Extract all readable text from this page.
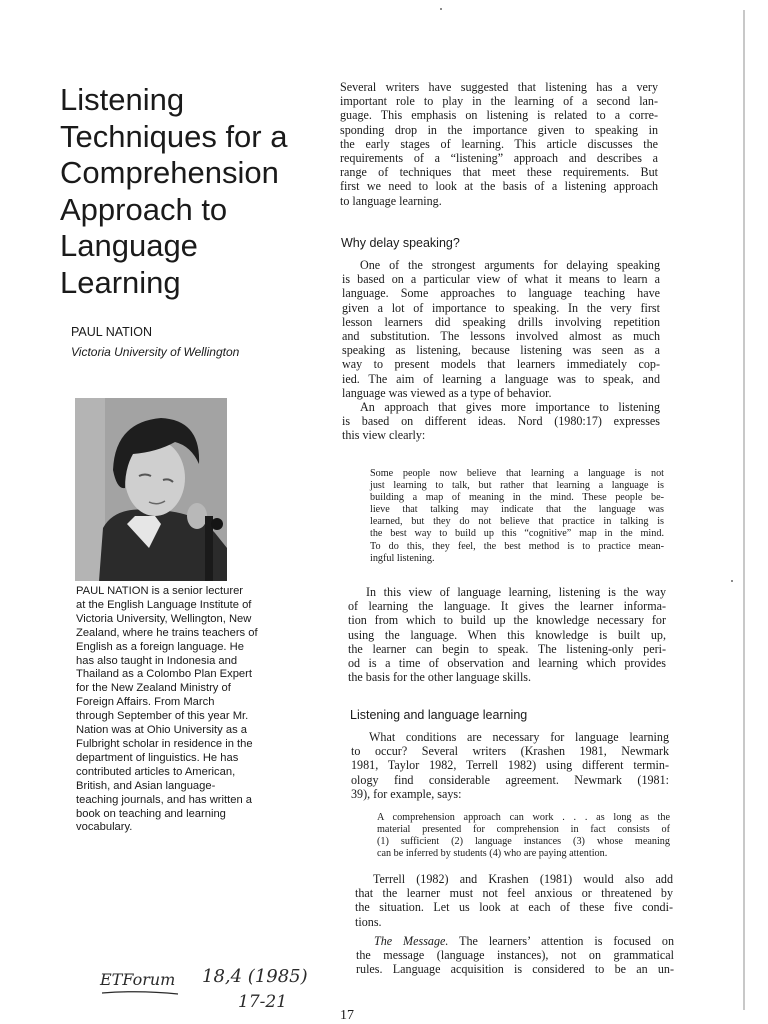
Listening
Techniques for a
Comprehension
Approach to
Language
Learning
PAUL NATION
Victoria University of Wellington
PAUL NATION is a senior lecturer
at the English Language Institute of
Victoria University, Wellington, New
Zealand, where he trains teachers of
English as a foreign language. He
has also taught in Indonesia and
Thailand as a Colombo Plan Expert
for the New Zealand Ministry of
Foreign Affairs. From March
through September of this year Mr.
Nation was at Ohio University as a
Fulbright scholar in residence in the
department of linguistics. He has
contributed articles to American,
British, and Asian language-
teaching journals, and has written a
book on teaching and learning
vocabulary.
ETForum 18,4 (1985)
17-21
Several writers have suggested that listening has a very
important role to play in the learning of a second lan-
guage. This emphasis on listening is related to a corre-
sponding drop in the importance given to speaking in
the early stages of learning. This article discusses the
requirements of a “listening” approach and describes a
range of techniques that meet these requirements. But
first we need to look at the basis of a listening approach
to language learning.
Why delay speaking?
One of the strongest arguments for delaying speaking
is based on a particular view of what it means to learn a
language. Some approaches to language teaching have
given a lot of importance to speaking. In the very first
lesson learners did speaking drills involving repetition
and substitution. The lessons involved almost as much
speaking as listening, because listening was seen as a
way to present models that learners immediately cop-
ied. The aim of learning a language was to speak, and
language was viewed as a type of behavior.
An approach that gives more importance to listening
is based on different ideas. Nord (1980:17) expresses
this view clearly:
Some people now believe that learning a language is not
just learning to talk, but rather that learning a language is
building a map of meaning in the mind. These people be-
lieve that talking may indicate that the language was
learned, but they do not believe that practice in talking is
the best way to build up this “cognitive” map in the mind.
To do this, they feel, the best method is to practice mean-
ingful listening.
In this view of language learning, listening is the way
of learning the language. It gives the learner informa-
tion from which to build up the knowledge necessary for
using the language. When this knowledge is built up,
the learner can begin to speak. The listening-only peri-
od is a time of observation and learning which provides
the basis for the other language skills.
Listening and language learning
What conditions are necessary for language learning
to occur? Several writers (Krashen 1981, Newmark
1981, Taylor 1982, Terrell 1982) using different termin-
ology find considerable agreement. Newmark (1981:
39), for example, says:
A comprehension approach can work . . . as long as the
material presented for comprehension in fact consists of
(1) sufficient (2) language instances (3) whose meaning
can be inferred by students (4) who are paying attention.
Terrell (1982) and Krashen (1981) would also add
that the learner must not feel anxious or threatened by
the situation. Let us look at each of these five condi-
tions.
The Message. The learners’ attention is focused on
the message (language instances), not on grammatical
rules. Language acquisition is considered to be an un-
17
